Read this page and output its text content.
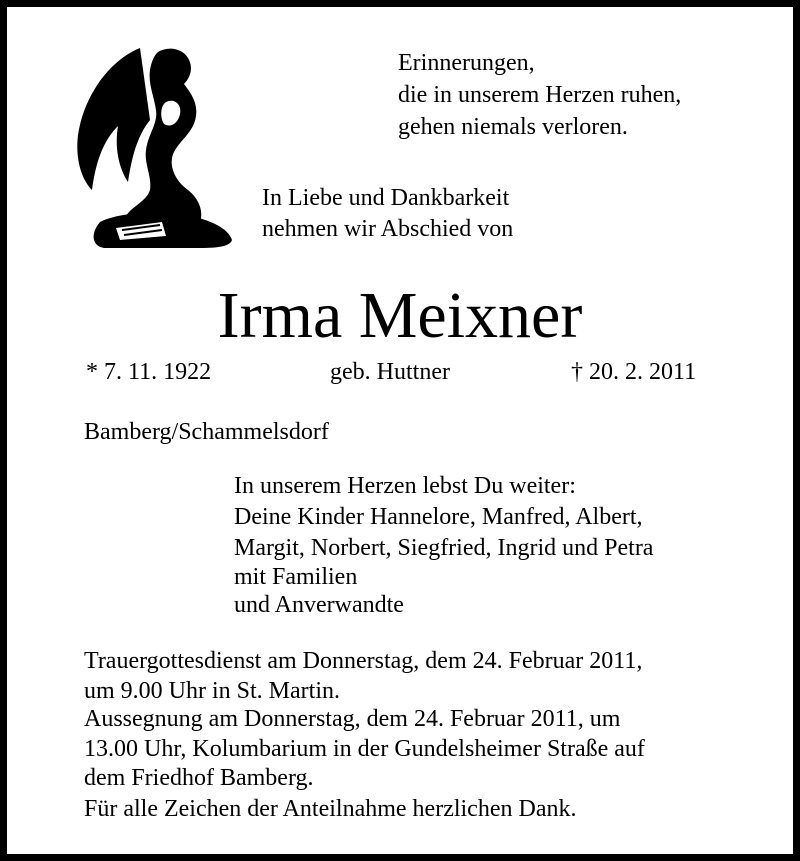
Erinnerungen,
die in unserem Herzen ruhen,
gehen niemals verloren.
In Liebe und Dankbarkeit
nehmen wir Abschied von
Irma Meixner
* 7. 11. 1922	geb. Huttner	† 20. 2. 2011
Bamberg/Schammelsdorf
In unserem Herzen lebst Du weiter:
Deine Kinder Hannelore, Manfred, Albert,
Margit, Norbert, Siegfried, Ingrid und Petra
mit Familien
und Anverwandte
Trauergottesdienst am Donnerstag, dem 24. Februar 2011,
um 9.00 Uhr in St. Martin.
Aussegnung am Donnerstag, dem 24. Februar 2011, um
13.00 Uhr, Kolumbarium in der Gundelsheimer Straße auf
dem Friedhof Bamberg.
Für alle Zeichen der Anteilnahme herzlichen Dank.
